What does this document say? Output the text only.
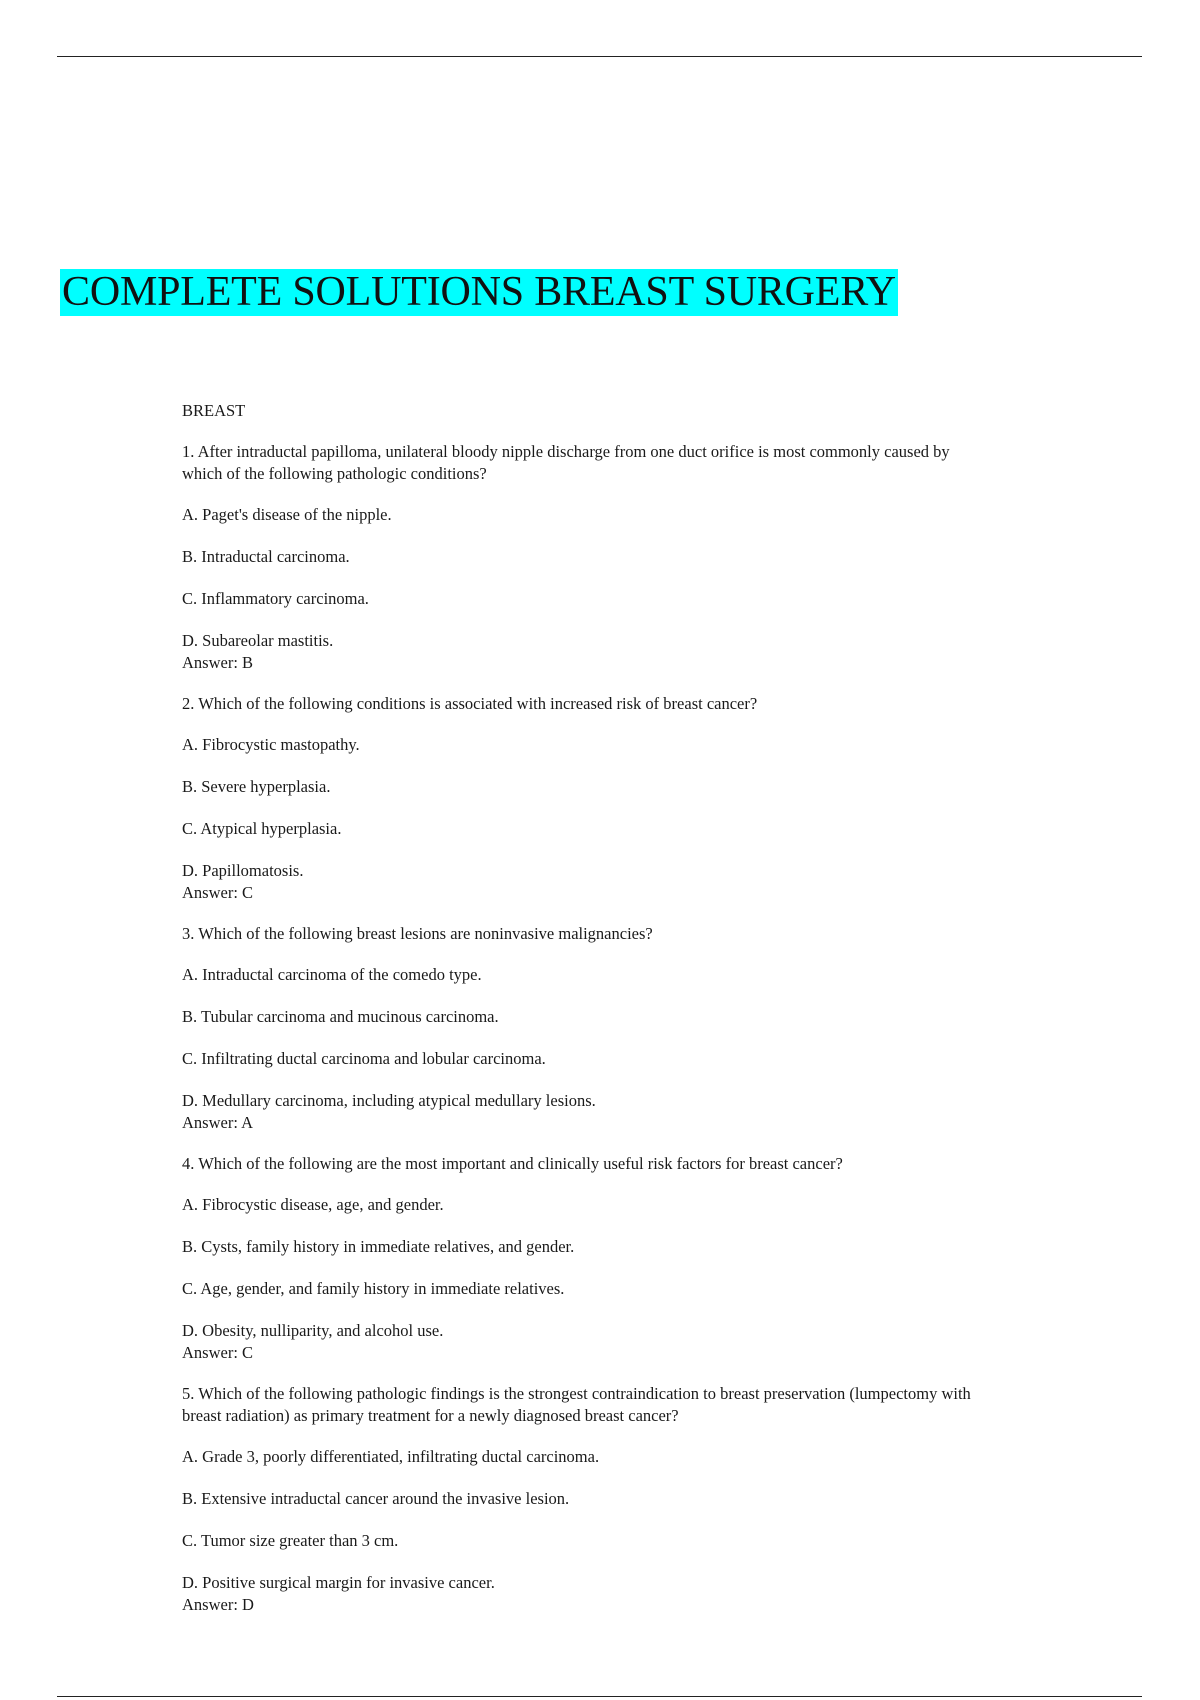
COMPLETE SOLUTIONS BREAST SURGERY

BREAST

1. After intraductal papilloma, unilateral bloody nipple discharge from one duct orifice is most commonly caused by which of the following pathologic conditions?

A. Paget's disease of the nipple.

B. Intraductal carcinoma.

C. Inflammatory carcinoma.

D. Subareolar mastitis.

Answer: B

2. Which of the following conditions is associated with increased risk of breast cancer?

A. Fibrocystic mastopathy.

B. Severe hyperplasia.

C. Atypical hyperplasia.

D. Papillomatosis.

Answer: C

3. Which of the following breast lesions are noninvasive malignancies?

A. Intraductal carcinoma of the comedo type.

B. Tubular carcinoma and mucinous carcinoma.

C. Infiltrating ductal carcinoma and lobular carcinoma.

D. Medullary carcinoma, including atypical medullary lesions.

Answer: A

4. Which of the following are the most important and clinically useful risk factors for breast cancer?

A. Fibrocystic disease, age, and gender.

B. Cysts, family history in immediate relatives, and gender.

C. Age, gender, and family history in immediate relatives.

D. Obesity, nulliparity, and alcohol use.

Answer: C

5. Which of the following pathologic findings is the strongest contraindication to breast preservation (lumpectomy with breast radiation) as primary treatment for a newly diagnosed breast cancer?

A. Grade 3, poorly differentiated, infiltrating ductal carcinoma.

B. Extensive intraductal cancer around the invasive lesion.

C. Tumor size greater than 3 cm.

D. Positive surgical margin for invasive cancer.

Answer: D
